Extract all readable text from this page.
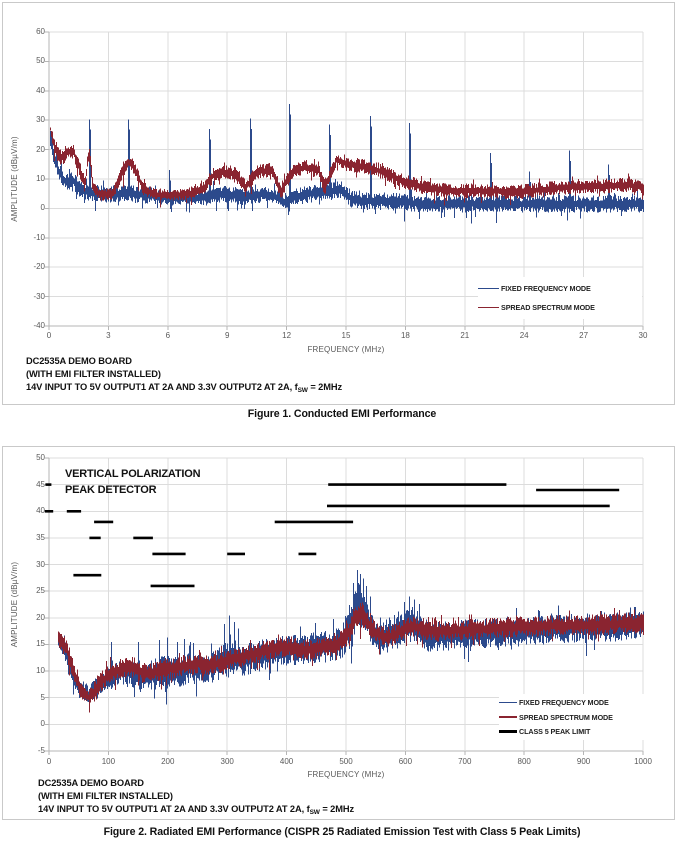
AMPLITUDE (dBµV/m)
FREQUENCY (MHz)
FIXED FREQUENCY MODE
SPREAD SPECTRUM MODE
DC2535A DEMO BOARD
(WITH EMI FILTER INSTALLED)
14V INPUT TO 5V OUTPUT1 AT 2A AND 3.3V OUTPUT2 AT 2A, $f_{SW} = 2MHz$
Figure 1. Conducted EMI Performance
VERTICAL POLARIZATION
PEAK DETECTOR
AMPLITUDE (dBµV/m)
FREQUENCY (MHz)
FIXED FREQUENCY MODE
SPREAD SPECTRUM MODE
CLASS 5 PEAK LIMIT
DC2535A DEMO BOARD
(WITH EMI FILTER INSTALLED)
14V INPUT TO 5V OUTPUT1 AT 2A AND 3.3V OUTPUT2 AT 2A, $f_{SW} = 2MHz$
Figure 2. Radiated EMI Performance (CISPR 25 Radiated Emission Test with Class 5 Peak Limits)
60
50
40
30
20
10
0
-10
-20
-30
-40
0	3	6	9	12	15	18	21	24	27	30
50
45
40
35
30
25
20
15
10
5
0
-5
0	100	200	300	400	500	600	700	800	900	1000
